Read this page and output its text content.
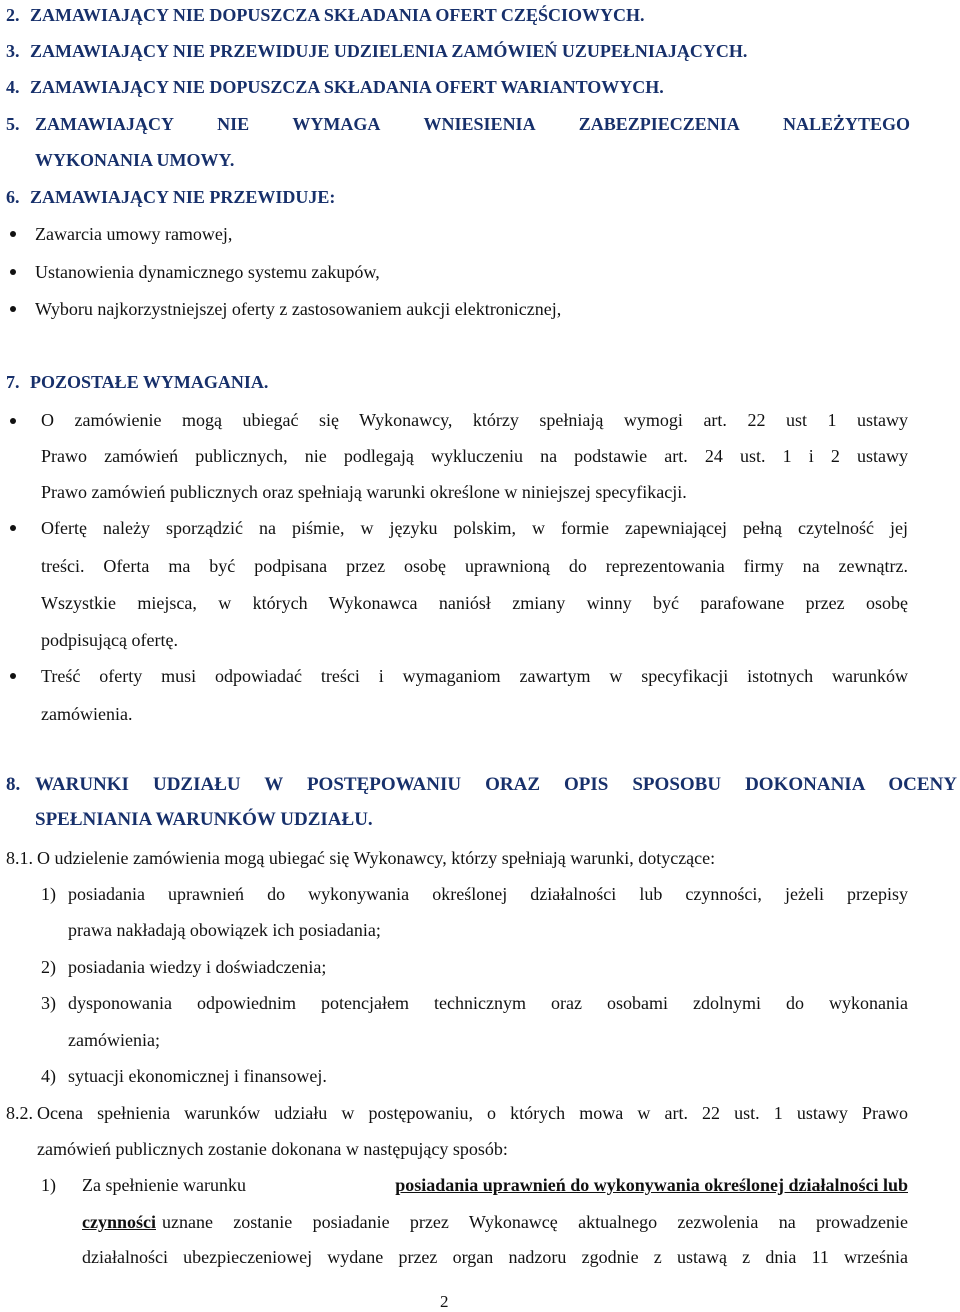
2. ZAMAWIAJĄCY NIE DOPUSZCZA SKŁADANIA OFERT CZĘŚCIOWYCH.
3. ZAMAWIAJĄCY NIE PRZEWIDUJE UDZIELENIA ZAMÓWIEŃ UZUPEŁNIAJĄCYCH.
4. ZAMAWIAJĄCY NIE DOPUSZCZA SKŁADANIA OFERT WARIANTOWYCH.
5. ZAMAWIAJĄCY NIE WYMAGA WNIESIENIA ZABEZPIECZENIA NALEŻYTEGO
WYKONANIA UMOWY.
6. ZAMAWIAJĄCY NIE PRZEWIDUJE:
Zawarcia umowy ramowej,
Ustanowienia dynamicznego systemu zakupów,
Wyboru najkorzystniejszej oferty z zastosowaniem aukcji elektronicznej,
7. POZOSTAŁE WYMAGANIA.
O zamówienie mogą ubiegać się Wykonawcy, którzy spełniają wymogi art. 22 ust 1 ustawy
Prawo zamówień publicznych, nie podlegają wykluczeniu na podstawie art. 24 ust. 1 i 2 ustawy
Prawo zamówień publicznych oraz spełniają warunki określone w niniejszej specyfikacji.
Ofertę należy sporządzić na piśmie, w języku polskim, w formie zapewniającej pełną czytelność jej
treści. Oferta ma być podpisana przez osobę uprawnioną do reprezentowania firmy na zewnątrz.
Wszystkie miejsca, w których Wykonawca naniósł zmiany winny być parafowane przez osobę
podpisującą ofertę.
Treść oferty musi odpowiadać treści i wymaganiom zawartym w specyfikacji istotnych warunków
zamówienia.
8. WARUNKI UDZIAŁU W POSTĘPOWANIU ORAZ OPIS SPOSOBU DOKONANIA OCENY
SPEŁNIANIA WARUNKÓW UDZIAŁU.
8.1. O udzielenie zamówienia mogą ubiegać się Wykonawcy, którzy spełniają warunki, dotyczące:
1) posiadania uprawnień do wykonywania określonej działalności lub czynności, jeżeli przepisy
prawa nakładają obowiązek ich posiadania;
2) posiadania wiedzy i doświadczenia;
3) dysponowania odpowiednim potencjałem technicznym oraz osobami zdolnymi do wykonania
zamówienia;
4) sytuacji ekonomicznej i finansowej.
8.2. Ocena spełnienia warunków udziału w postępowaniu, o których mowa w art. 22 ust. 1 ustawy Prawo
zamówień publicznych zostanie dokonana w następujący sposób:
1) Za spełnienie warunku	posiadania uprawnień do wykonywania określonej działalności lub
czynności uznane zostanie posiadanie przez Wykonawcę aktualnego zezwolenia na prowadzenie
działalności ubezpieczeniowej wydane przez organ nadzoru zgodnie z ustawą z dnia 11 września
2
